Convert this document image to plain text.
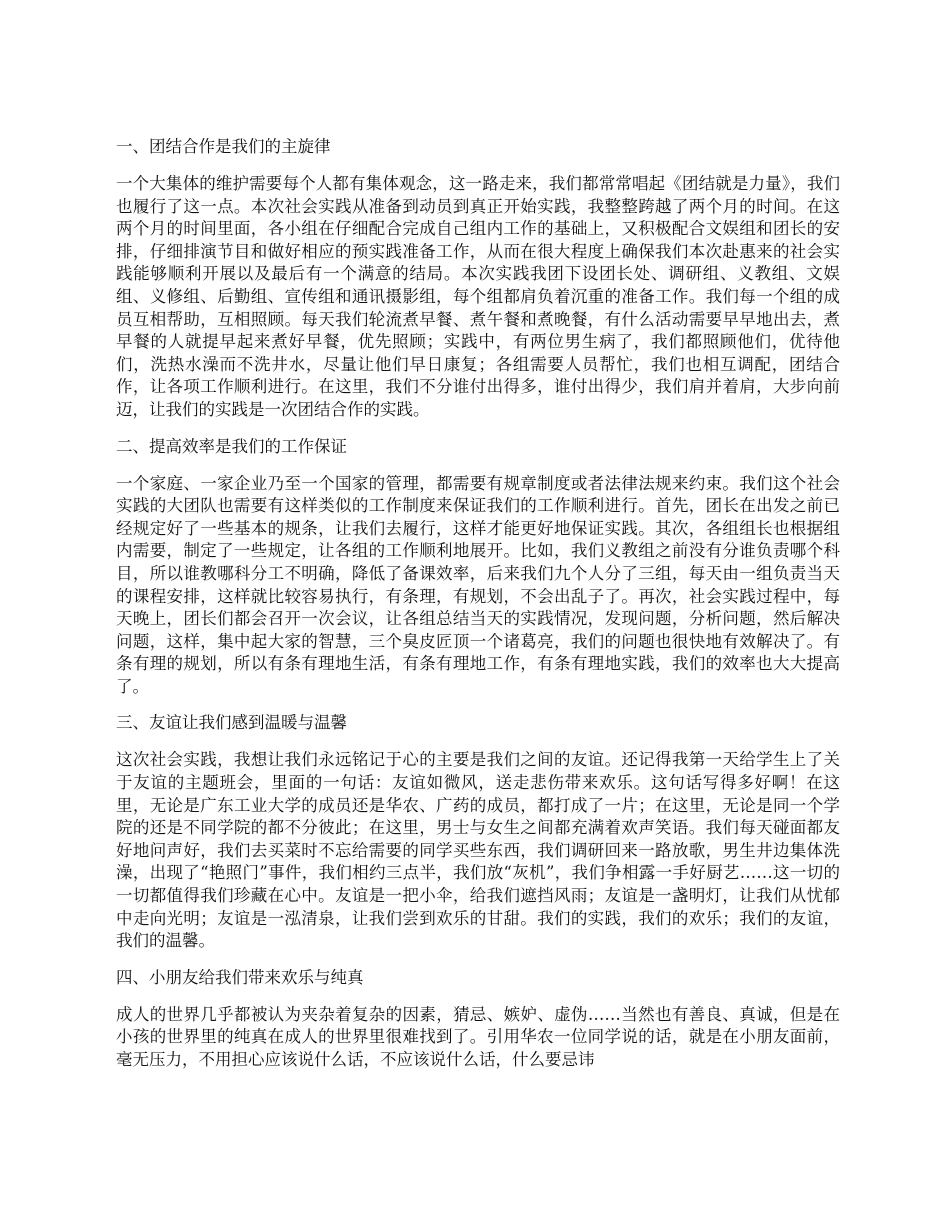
一、团结合作是我们的主旋律
一个大集体的维护需要每个人都有集体观念，这一路走来，我们都常常唱起《团结就是力量》，我们也履行了这一点。本次社会实践从准备到动员到真正开始实践，我整整跨越了两个月的时间。在这两个月的时间里面，各小组在仔细配合完成自己组内工作的基础上，又积极配合文娱组和团长的安排，仔细排演节目和做好相应的预实践准备工作，从而在很大程度上确保我们本次赴惠来的社会实践能够顺利开展以及最后有一个满意的结局。本次实践我团下设团长处、调研组、义教组、文娱组、义修组、后勤组、宣传组和通讯摄影组，每个组都肩负着沉重的准备工作。我们每一个组的成员互相帮助，互相照顾。每天我们轮流煮早餐、煮午餐和煮晚餐，有什么活动需要早早地出去，煮早餐的人就提早起来煮好早餐，优先照顾；实践中，有两位男生病了，我们都照顾他们，优待他们，洗热水澡而不洗井水，尽量让他们早日康复；各组需要人员帮忙，我们也相互调配，团结合作，让各项工作顺利进行。在这里，我们不分谁付出得多，谁付出得少，我们肩并着肩，大步向前迈，让我们的实践是一次团结合作的实践。
二、提高效率是我们的工作保证
一个家庭、一家企业乃至一个国家的管理，都需要有规章制度或者法律法规来约束。我们这个社会实践的大团队也需要有这样类似的工作制度来保证我们的工作顺利进行。首先，团长在出发之前已经规定好了一些基本的规条，让我们去履行，这样才能更好地保证实践。其次，各组组长也根据组内需要，制定了一些规定，让各组的工作顺利地展开。比如，我们义教组之前没有分谁负责哪个科目，所以谁教哪科分工不明确，降低了备课效率，后来我们九个人分了三组，每天由一组负责当天的课程安排，这样就比较容易执行，有条理，有规划，不会出乱子了。再次，社会实践过程中，每天晚上，团长们都会召开一次会议，让各组总结当天的实践情况，发现问题，分析问题，然后解决问题，这样，集中起大家的智慧，三个臭皮匠顶一个诸葛亮，我们的问题也很快地有效解决了。有条有理的规划，所以有条有理地生活，有条有理地工作，有条有理地实践，我们的效率也大大提高了。
三、友谊让我们感到温暖与温馨
这次社会实践，我想让我们永远铭记于心的主要是我们之间的友谊。还记得我第一天给学生上了关于友谊的主题班会，里面的一句话：友谊如微风，送走悲伤带来欢乐。这句话写得多好啊！在这里，无论是广东工业大学的成员还是华农、广药的成员，都打成了一片；在这里，无论是同一个学院的还是不同学院的都不分彼此；在这里，男士与女生之间都充满着欢声笑语。我们每天碰面都友好地问声好，我们去买菜时不忘给需要的同学买些东西，我们调研回来一路放歌，男生井边集体洗澡，出现了“艳照门”事件，我们相约三点半，我们放“灰机”，我们争相露一手好厨艺……这一切的一切都值得我们珍藏在心中。友谊是一把小伞，给我们遮挡风雨；友谊是一盏明灯，让我们从忧郁中走向光明；友谊是一泓清泉，让我们尝到欢乐的甘甜。我们的实践，我们的欢乐；我们的友谊，我们的温馨。
四、小朋友给我们带来欢乐与纯真
成人的世界几乎都被认为夹杂着复杂的因素，猜忌、嫉妒、虚伪……当然也有善良、真诚，但是在小孩的世界里的纯真在成人的世界里很难找到了。引用华农一位同学说的话，就是在小朋友面前，毫无压力，不用担心应该说什么话，不应该说什么话，什么要忌讳
